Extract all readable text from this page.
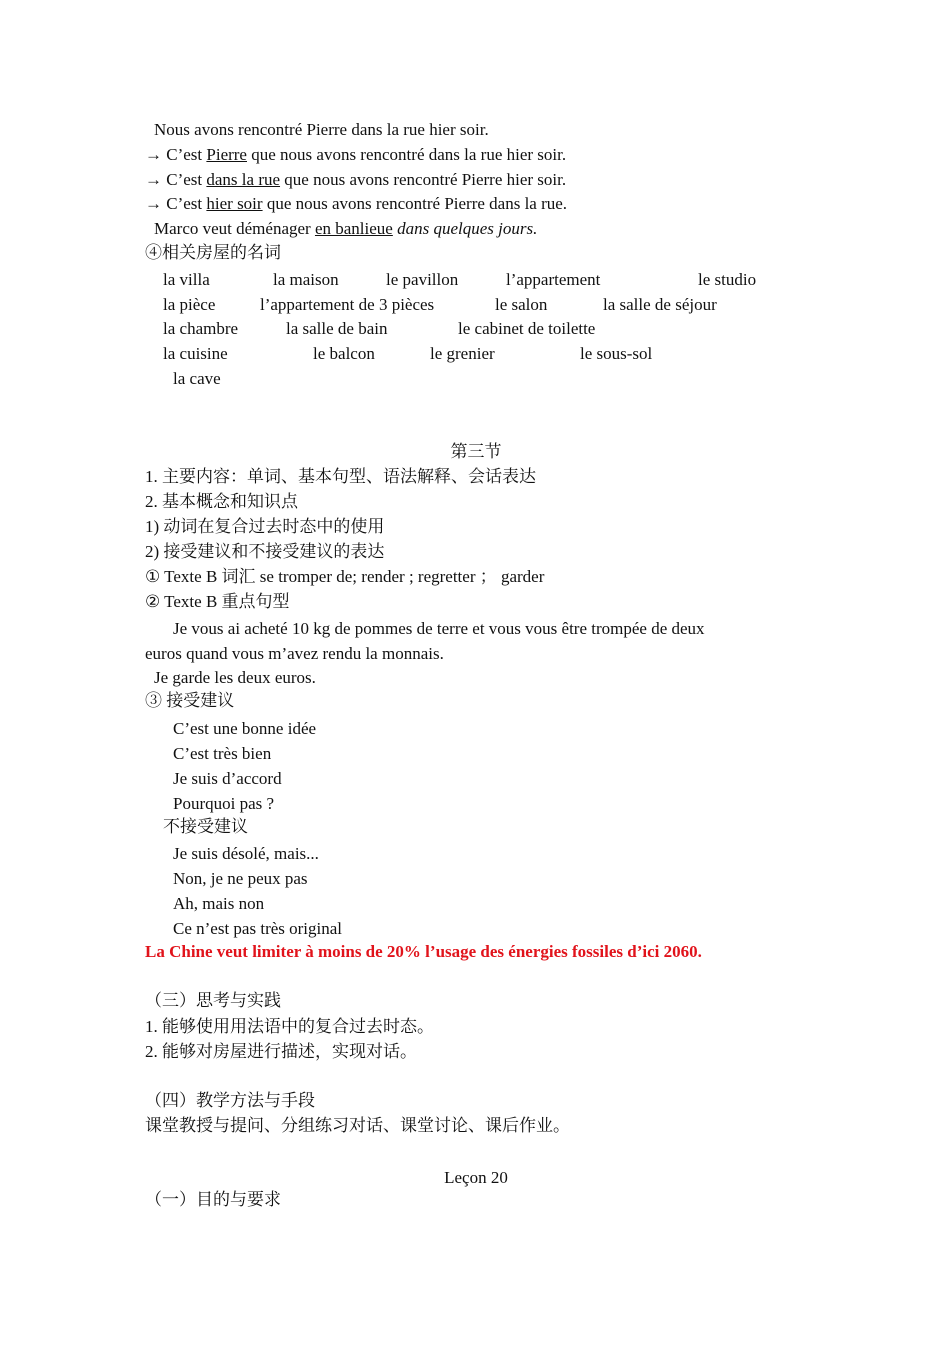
Nous avons rencontré Pierre dans la rue hier soir.
→ C’est Pierre que nous avons rencontré dans la rue hier soir.
→ C’est dans la rue que nous avons rencontré Pierre hier soir.
→ C’est hier soir que nous avons rencontré Pierre dans la rue.
Marco veut déménager en banlieue dans quelques jours.
④相关房屋的名词
la villa	la maison	le pavillon	l’appartement	le studio
la pièce	l’appartement de 3 pièces	le salon	la salle de séjour
la chambre	la salle de bain	le cabinet de toilette
la cuisine	le balcon	le grenier	le sous-sol
la cave
第三节
1. 主要内容：单词、基本句型、语法解释、会话表达
2. 基本概念和知识点
1) 动词在复合过去时态中的使用
2) 接受建议和不接受建议的表达
① Texte B 词汇 se tromper de; render ; regretter ； garder
② Texte B 重点句型
Je vous ai acheté 10 kg de pommes de terre et vous vous être trompée de deux
euros quand vous m’avez rendu la monnais.
Je garde les deux euros.
③ 接受建议
C’est une bonne idée
C’est très bien
Je suis d’accord
Pourquoi pas ?
不接受建议
Je suis désolé, mais...
Non, je ne peux pas
Ah, mais non
Ce n’est pas très original
La Chine veut limiter à moins de 20% l’usage des énergies fossiles d’ici 2060.
（三）思考与实践
1. 能够使用用法语中的复合过去时态。
2. 能够对房屋进行描述，实现对话。
（四）教学方法与手段
课堂教授与提问、分组练习对话、课堂讨论、课后作业。
Leçon 20
（一）目的与要求
